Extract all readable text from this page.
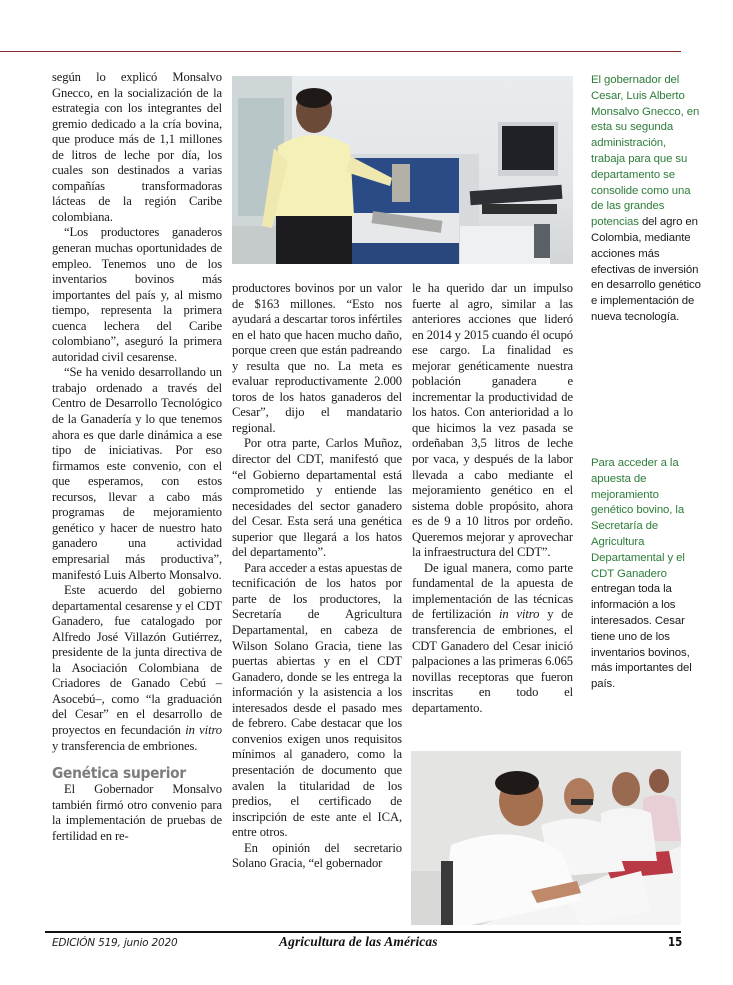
según lo explicó Monsalvo Gnecco, en la socialización de la estrategia con los integrantes del gremio dedicado a la cría bovina, que produce más de 1,1 millones de litros de leche por día, los cuales son destinados a varias compañías transformadoras lácteas de la región Caribe colombiana.

“Los productores ganaderos generan muchas oportunidades de empleo. Tenemos uno de los inventarios bovinos más importantes del país y, al mismo tiempo, representa la primera cuenca lechera del Caribe colombiano”, aseguró la primera autoridad civil cesarense.

“Se ha venido desarrollando un trabajo ordenado a través del Centro de Desarrollo Tecnológico de la Ganadería y lo que tenemos ahora es que darle dinámica a ese tipo de iniciativas. Por eso firmamos este convenio, con el que esperamos, con estos recursos, llevar a cabo más programas de mejoramiento genético y hacer de nuestro hato ganadero una actividad empresarial más productiva”, manifestó Luis Alberto Monsalvo.

Este acuerdo del gobierno departamental cesarense y el CDT Ganadero, fue catalogado por Alfredo José Villazón Gutiérrez, presidente de la junta directiva de la Asociación Colombiana de Criadores de Ganado Cebú –Asocebú–, como “la graduación del Cesar” en el desarrollo de proyectos en fecundación in vitro y transferencia de embriones.

Genética superior

El Gobernador Monsalvo también firmó otro convenio para la implementación de pruebas de fertilidad en re-

productores bovinos por un valor de $163 millones. “Esto nos ayudará a descartar toros infértiles en el hato que hacen mucho daño, porque creen que están padreando y resulta que no. La meta es evaluar reproductivamente 2.000 toros de los hatos ganaderos del Cesar”, dijo el mandatario regional.

Por otra parte, Carlos Muñoz, director del CDT, manifestó que “el Gobierno departamental está comprometido y entiende las necesidades del sector ganadero del Cesar. Esta será una genética superior que llegará a los hatos del departamento”.

Para acceder a estas apuestas de tecnificación de los hatos por parte de los productores, la Secretaría de Agricultura Departamental, en cabeza de Wilson Solano Gracia, tiene las puertas abiertas y en el CDT Ganadero, donde se les entrega la información y la asistencia a los interesados desde el pasado mes de febrero. Cabe destacar que los convenios exigen unos requisitos mínimos al ganadero, como la presentación de documento que avalen la titularidad de los predios, el certificado de inscripción de este ante el ICA, entre otros.

En opinión del secretario Solano Gracia, “el gobernador

le ha querido dar un impulso fuerte al agro, similar a las anteriores acciones que lideró en 2014 y 2015 cuando él ocupó ese cargo. La finalidad es mejorar genéticamente nuestra población ganadera e incrementar la productividad de los hatos. Con anterioridad a lo que hicimos la vez pasada se ordeñaban 3,5 litros de leche por vaca, y después de la labor llevada a cabo mediante el mejoramiento genético en el sistema doble propósito, ahora es de 9 a 10 litros por ordeño. Queremos mejorar y aprovechar la infraestructura del CDT”.

De igual manera, como parte fundamental de la apuesta de implementación de las técnicas de fertilización in vitro y de transferencia de embriones, el CDT Ganadero del Cesar inició palpaciones a las primeras 6.065 novillas receptoras que fueron inscritas en todo el departamento.

El gobernador del Cesar, Luis Alberto Monsalvo Gnecco, en esta su segunda administración, trabaja para que su departamento se consolide como una de las grandes potencias del agro en Colombia, mediante acciones más efectivas de inversión en desarrollo genético e implementación de nueva tecnología.
Para acceder a la apuesta de mejoramiento genético bovino, la Secretaría de Agricultura Departamental y el CDT Ganadero entregan toda la información a los interesados. Cesar tiene uno de los inventarios bovinos, más importantes del país.
EDICIÓN 519, junio 2020	Agricultura de las Américas	15
